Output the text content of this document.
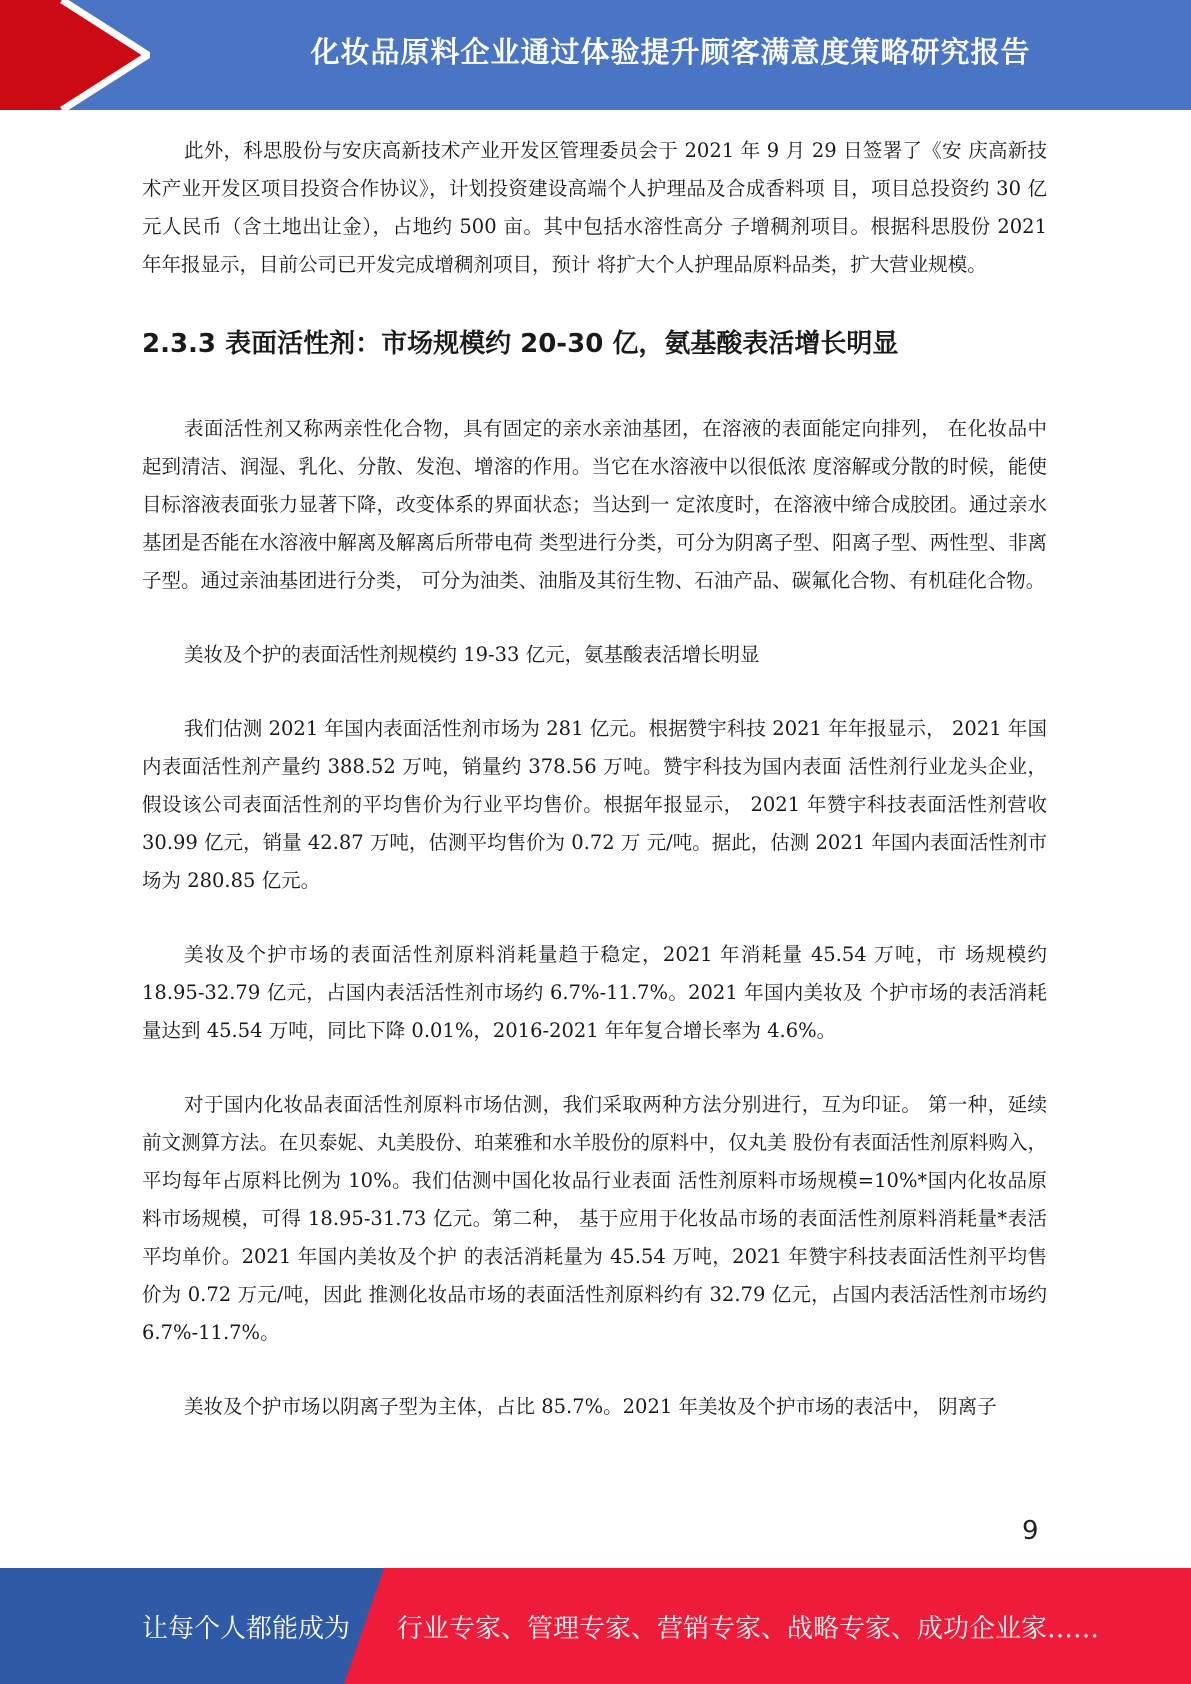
化妆品原料企业通过体验提升顾客满意度策略研究报告

此外，科思股份与安庆高新技术产业开发区管理委员会于 2021 年 9 月 29 日签署了《安 庆高新技术产业开发区项目投资合作协议》，计划投资建设高端个人护理品及合成香料项 目，项目总投资约 30 亿元人民币（含土地出让金），占地约 500 亩。其中包括水溶性高分 子增稠剂项目。根据科思股份 2021 年年报显示，目前公司已开发完成增稠剂项目，预计 将扩大个人护理品原料品类，扩大营业规模。

2.3.3 表面活性剂：市场规模约 20-30 亿，氨基酸表活增长明显

表面活性剂又称两亲性化合物，具有固定的亲水亲油基团，在溶液的表面能定向排列， 在化妆品中起到清洁、润湿、乳化、分散、发泡、增溶的作用。当它在水溶液中以很低浓 度溶解或分散的时候，能使目标溶液表面张力显著下降，改变体系的界面状态；当达到一 定浓度时，在溶液中缔合成胶团。通过亲水基团是否能在水溶液中解离及解离后所带电荷 类型进行分类，可分为阴离子型、阳离子型、两性型、非离子型。通过亲油基团进行分类， 可分为油类、油脂及其衍生物、石油产品、碳氟化合物、有机硅化合物。

美妆及个护的表面活性剂规模约 19-33 亿元，氨基酸表活增长明显

我们估测 2021 年国内表面活性剂市场为 281 亿元。根据赞宇科技 2021 年年报显示， 2021 年国内表面活性剂产量约 388.52 万吨，销量约 378.56 万吨。赞宇科技为国内表面 活性剂行业龙头企业，假设该公司表面活性剂的平均售价为行业平均售价。根据年报显示， 2021 年赞宇科技表面活性剂营收 30.99 亿元，销量 42.87 万吨，估测平均售价为 0.72 万 元/吨。据此，估测 2021 年国内表面活性剂市场为 280.85 亿元。

美妆及个护市场的表面活性剂原料消耗量趋于稳定，2021 年消耗量 45.54 万吨，市 场规模约 18.95-32.79 亿元，占国内表活活性剂市场约 6.7%-11.7%。2021 年国内美妆及 个护市场的表活消耗量达到 45.54 万吨，同比下降 0.01%，2016-2021 年年复合增长率为 4.6%。

对于国内化妆品表面活性剂原料市场估测，我们采取两种方法分别进行，互为印证。 第一种，延续前文测算方法。在贝泰妮、丸美股份、珀莱雅和水羊股份的原料中，仅丸美 股份有表面活性剂原料购入，平均每年占原料比例为 10%。我们估测中国化妆品行业表面 活性剂原料市场规模=10%*国内化妆品原料市场规模，可得 18.95-31.73 亿元。第二种， 基于应用于化妆品市场的表面活性剂原料消耗量*表活平均单价。2021 年国内美妆及个护 的表活消耗量为 45.54 万吨，2021 年赞宇科技表面活性剂平均售价为 0.72 万元/吨，因此 推测化妆品市场的表面活性剂原料约有 32.79 亿元，占国内表活活性剂市场约 6.7%-11.7%。

美妆及个护市场以阴离子型为主体，占比 85.7%。2021 年美妆及个护市场的表活中， 阴离子

9
让每个人都能成为 行业专家、管理专家、营销专家、战略专家、成功企业家……
